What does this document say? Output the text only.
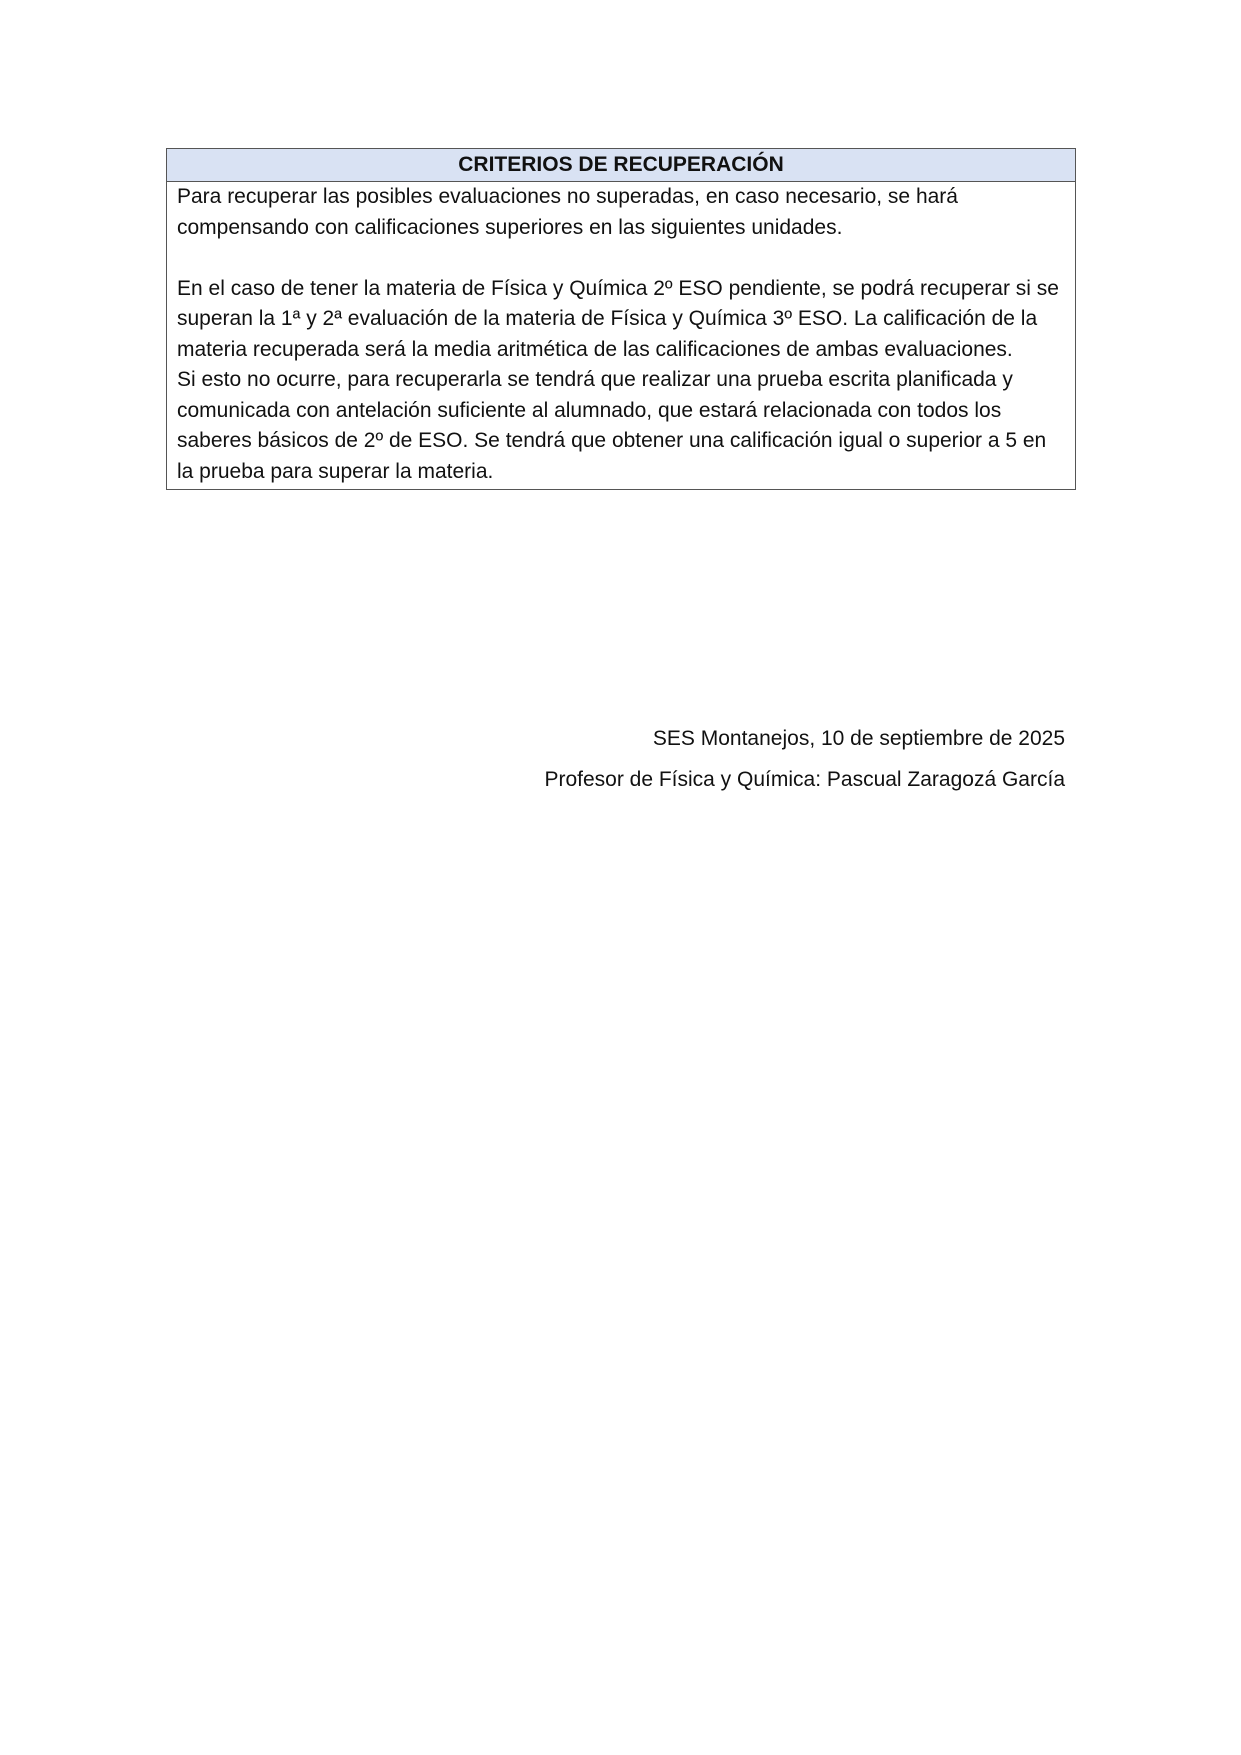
CRITERIOS DE RECUPERACIÓN

Para recuperar las posibles evaluaciones no superadas, en caso necesario, se hará compensando con calificaciones superiores en las siguientes unidades.

En el caso de tener la materia de Física y Química 2º ESO pendiente, se podrá recuperar si se superan la 1ª y 2ª evaluación de la materia de Física y Química 3º ESO. La calificación de la materia recuperada será la media aritmética de las calificaciones de ambas evaluaciones.

Si esto no ocurre, para recuperarla se tendrá que realizar una prueba escrita planificada y comunicada con antelación suficiente al alumnado, que estará relacionada con todos los saberes básicos de 2º de ESO. Se tendrá que obtener una calificación igual o superior a 5 en la prueba para superar la materia.

SES Montanejos, 10 de septiembre de 2025
Profesor de Física y Química: Pascual Zaragozá García
